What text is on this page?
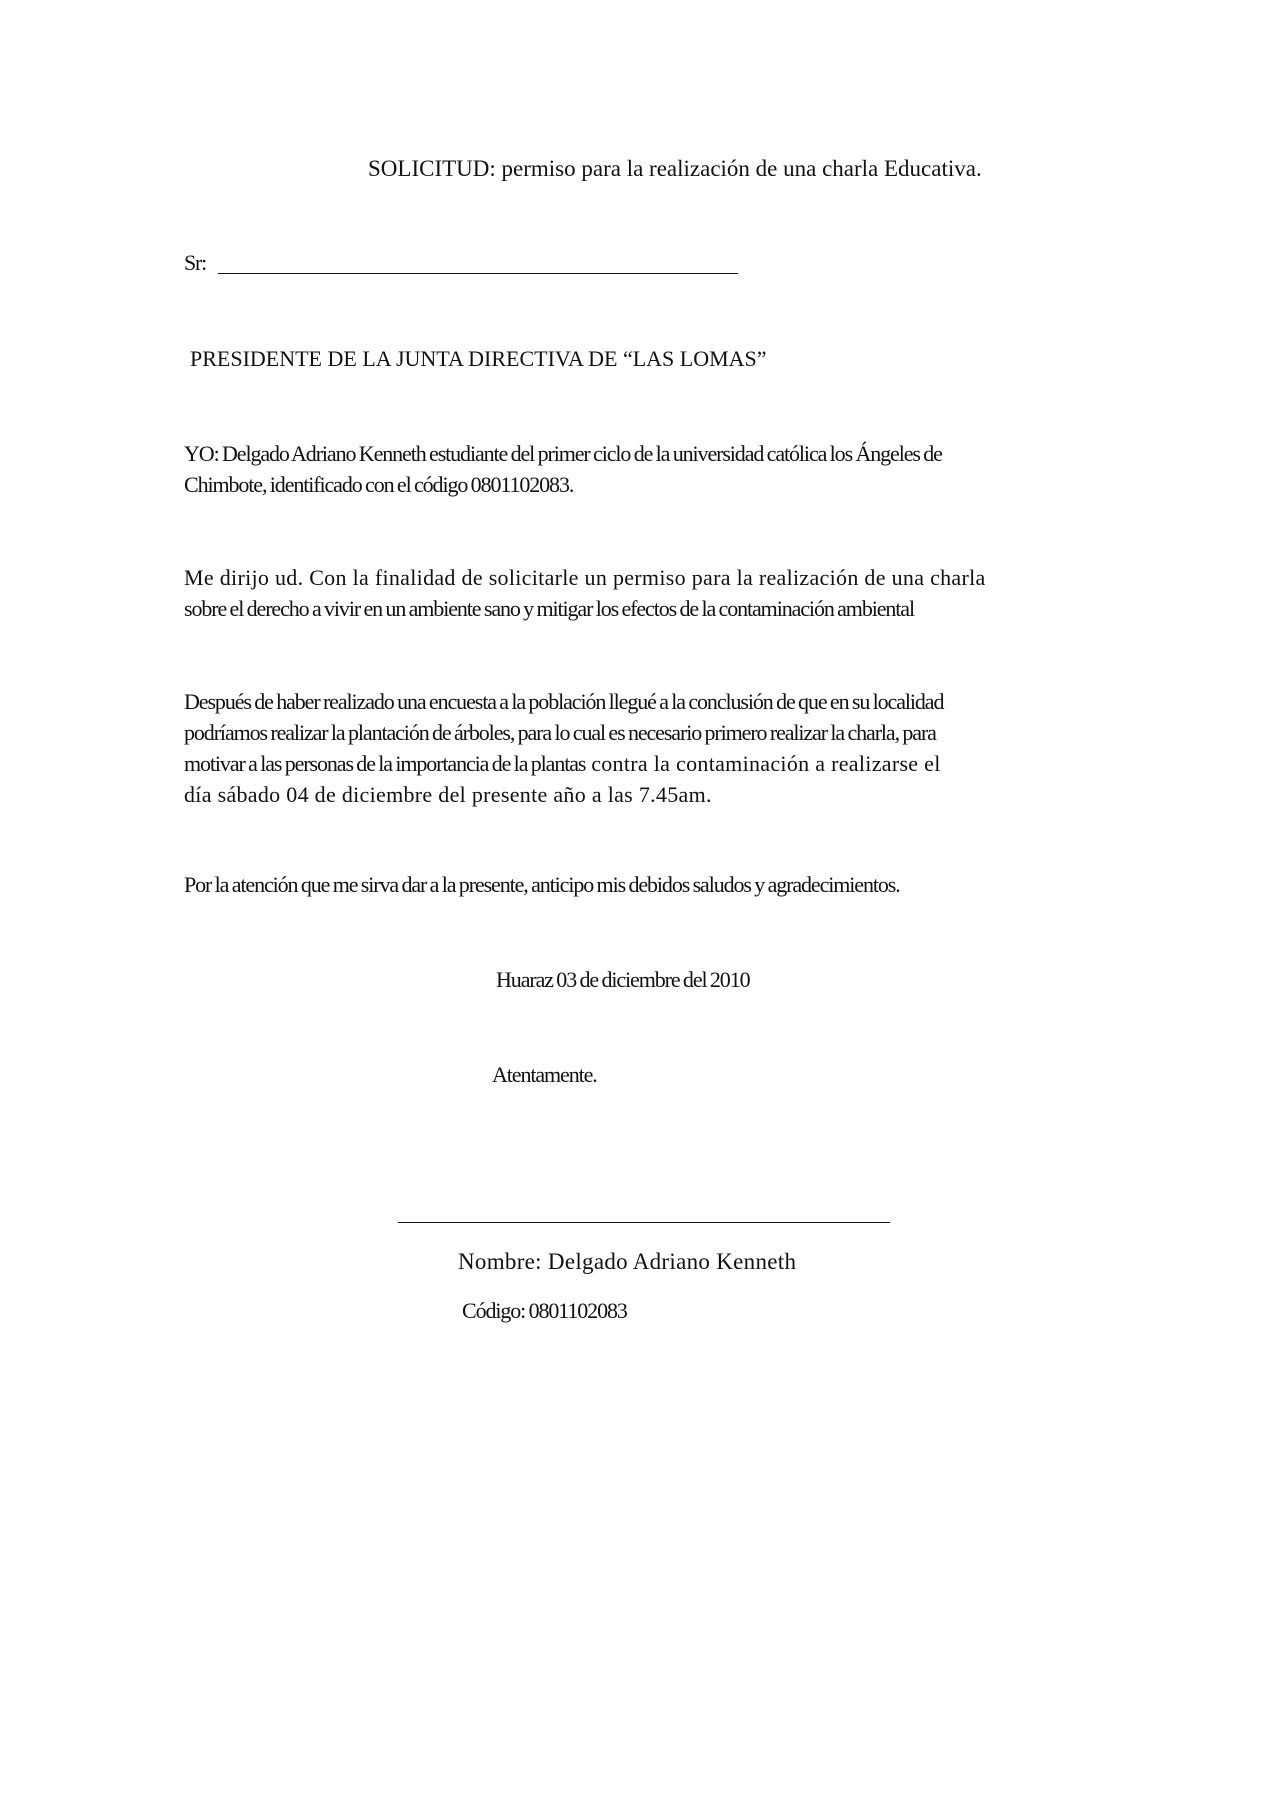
SOLICITUD: permiso para la realización de una charla Educativa.
Sr:
PRESIDENTE DE LA JUNTA DIRECTIVA DE “LAS LOMAS”
YO: Delgado Adriano Kenneth estudiante del primer ciclo de la universidad católica los Ángeles de
Chimbote, identificado con el código 0801102083.
Me dirijo ud. Con la finalidad de solicitarle un permiso para la realización de una charla
sobre el derecho a vivir en un ambiente sano y mitigar los efectos de la contaminación ambiental
Después de haber realizado una encuesta a la población llegué a la conclusión de que en su localidad
podríamos realizar la plantación de árboles, para lo cual es necesario primero realizar la charla, para
motivar a las personas de la importancia de la plantas contra la contaminación a realizarse el
día sábado 04 de diciembre del presente año a las 7.45am.
Por la atención que me sirva dar a la presente, anticipo mis debidos saludos y agradecimientos.
Huaraz 03 de diciembre del 2010
Atentamente.
Nombre: Delgado Adriano Kenneth
Código: 0801102083
